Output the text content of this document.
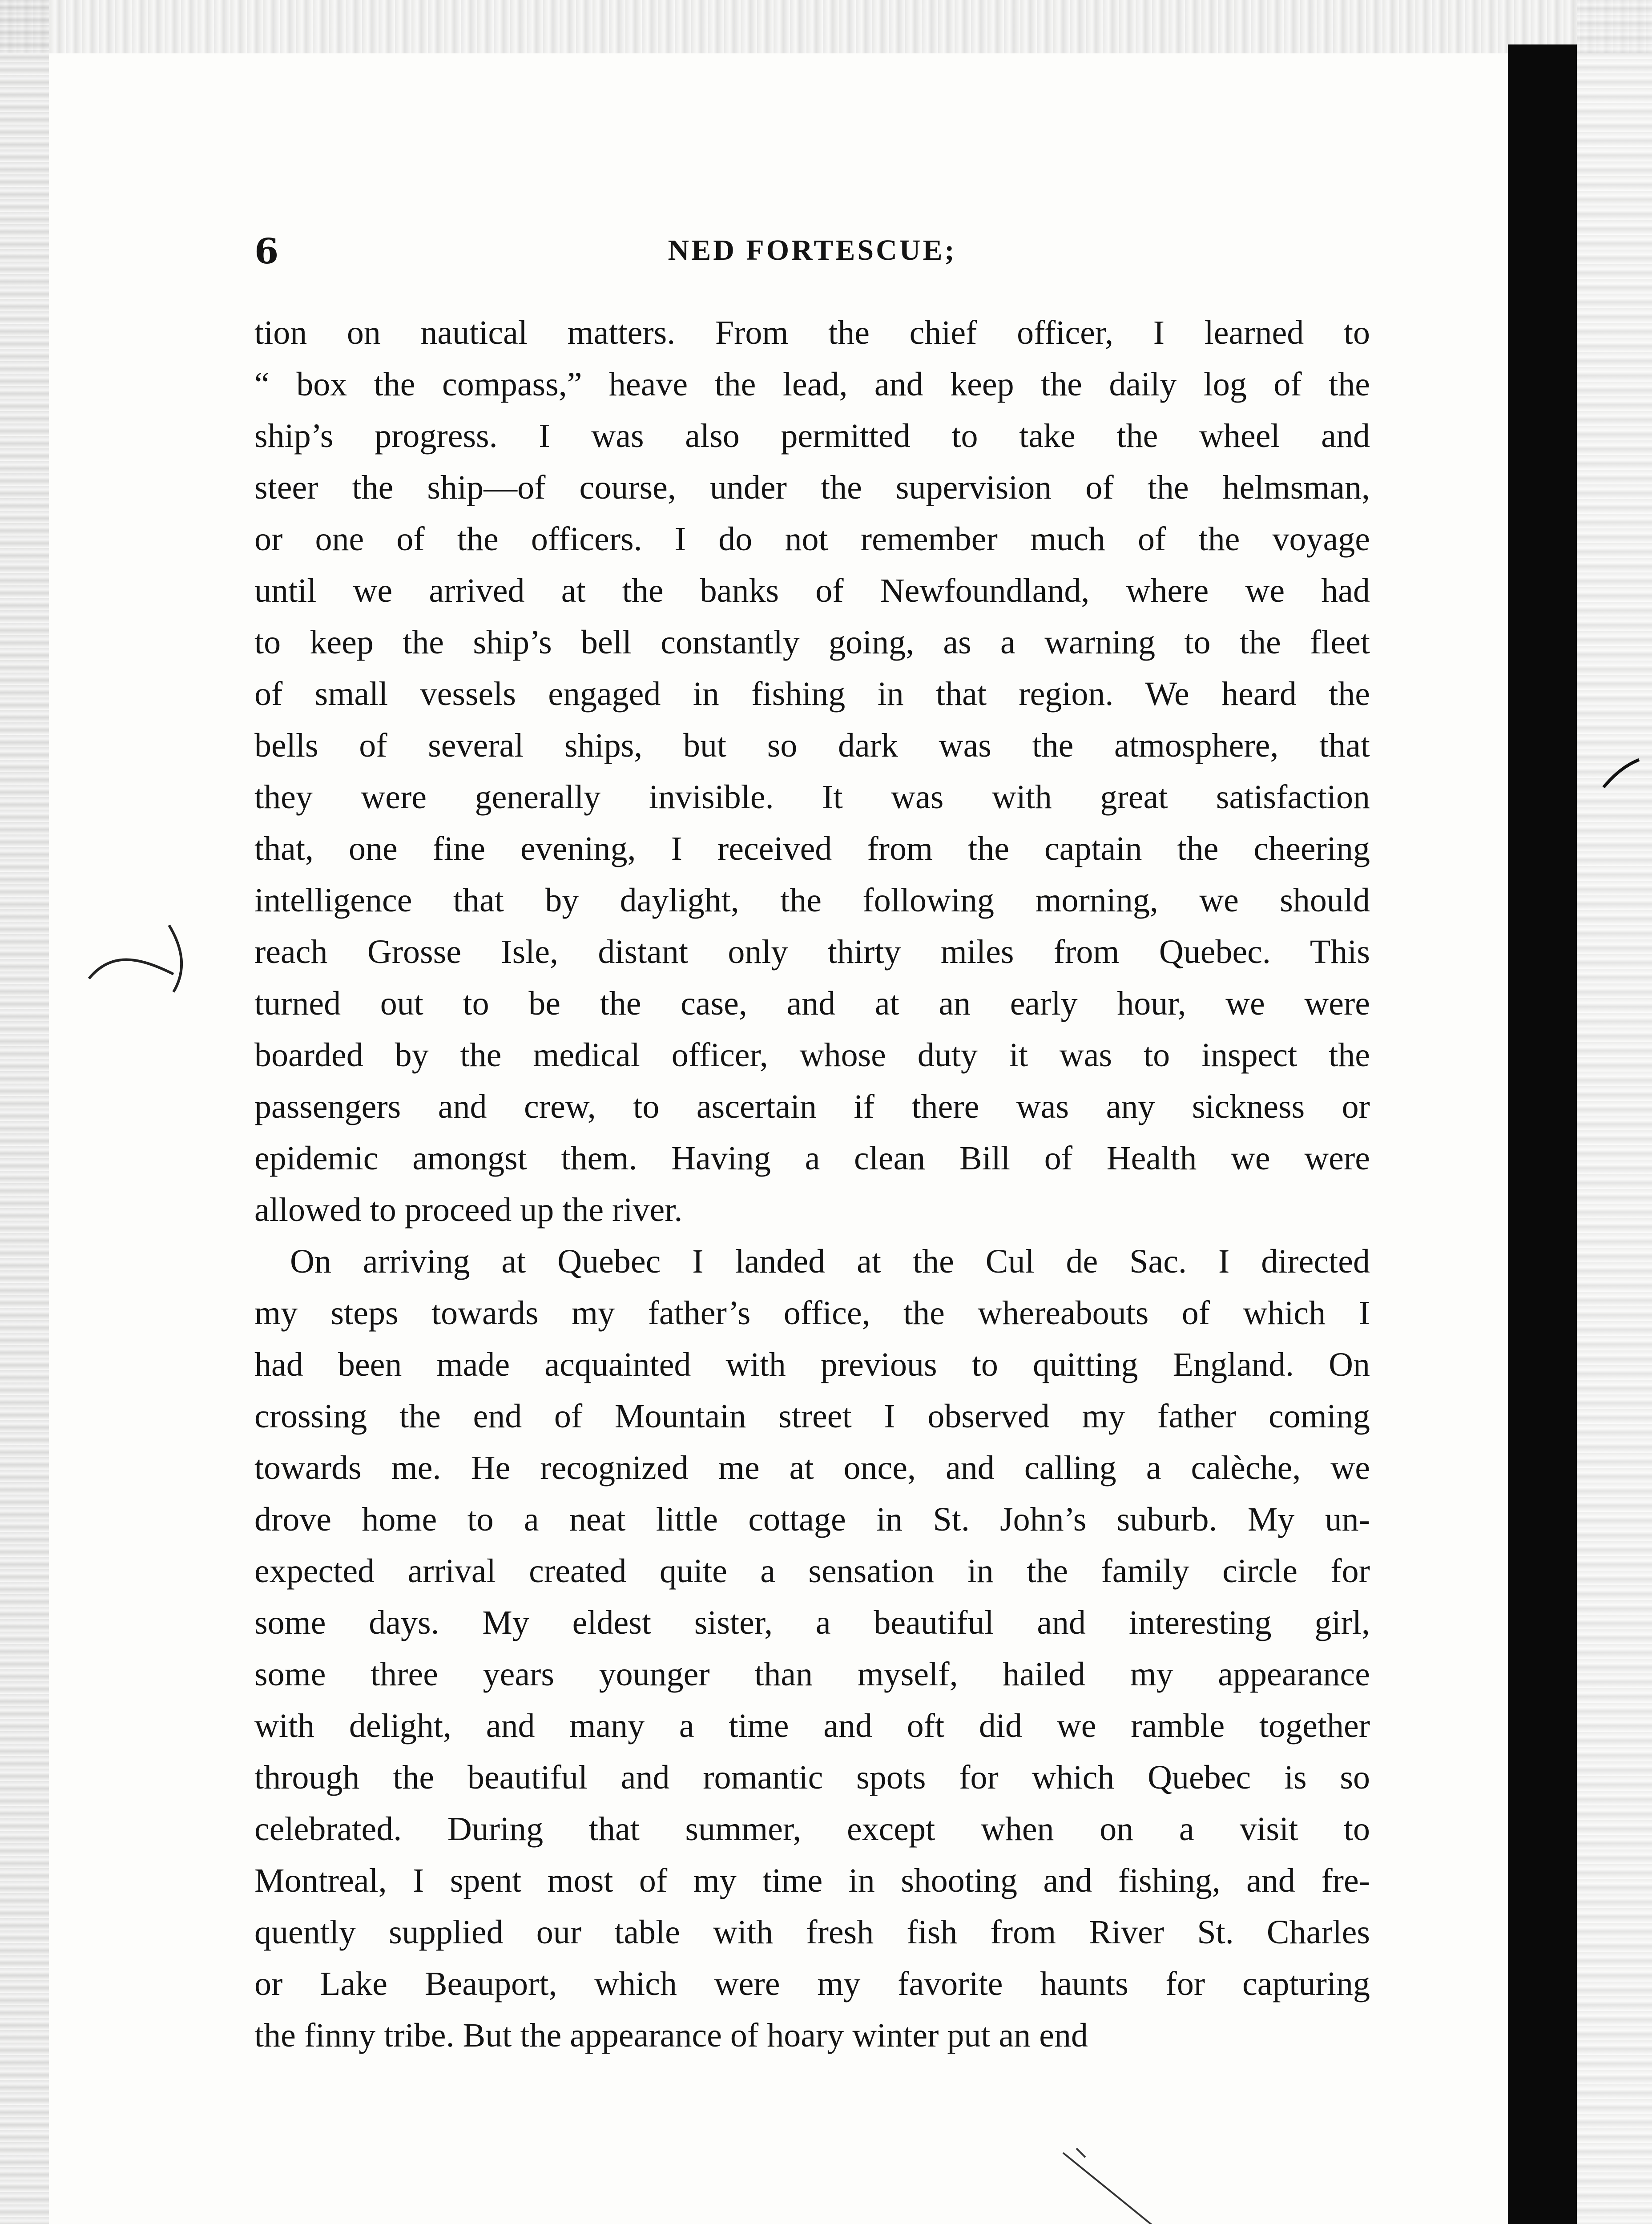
6	NED FORTESCUE;
tion on nautical matters. From the chief officer, I learned to
“ box the compass,” heave the lead, and keep the daily log of the
ship’s progress. I was also permitted to take the wheel and
steer the ship—of course, under the supervision of the helmsman,
or one of the officers. I do not remember much of the voyage
until we arrived at the banks of Newfoundland, where we had
to keep the ship’s bell constantly going, as a warning to the fleet
of small vessels engaged in fishing in that region. We heard the
bells of several ships, but so dark was the atmosphere, that
they were generally invisible. It was with great satisfaction
that, one fine evening, I received from the captain the cheering
intelligence that by daylight, the following morning, we should
reach Grosse Isle, distant only thirty miles from Quebec. This
turned out to be the case, and at an early hour, we were
boarded by the medical officer, whose duty it was to inspect the
passengers and crew, to ascertain if there was any sickness or
epidemic amongst them. Having a clean Bill of Health we were
allowed to proceed up the river.
On arriving at Quebec I landed at the Cul de Sac. I directed
my steps towards my father’s office, the whereabouts of which I
had been made acquainted with previous to quitting England. On
crossing the end of Mountain street I observed my father coming
towards me. He recognized me at once, and calling a calèche, we
drove home to a neat little cottage in St. John’s suburb. My un-
expected arrival created quite a sensation in the family circle for
some days. My eldest sister, a beautiful and interesting girl,
some three years younger than myself, hailed my appearance
with delight, and many a time and oft did we ramble together
through the beautiful and romantic spots for which Quebec is so
celebrated. During that summer, except when on a visit to
Montreal, I spent most of my time in shooting and fishing, and fre-
quently supplied our table with fresh fish from River St. Charles
or Lake Beauport, which were my favorite haunts for capturing
the finny tribe. But the appearance of hoary winter put an end
